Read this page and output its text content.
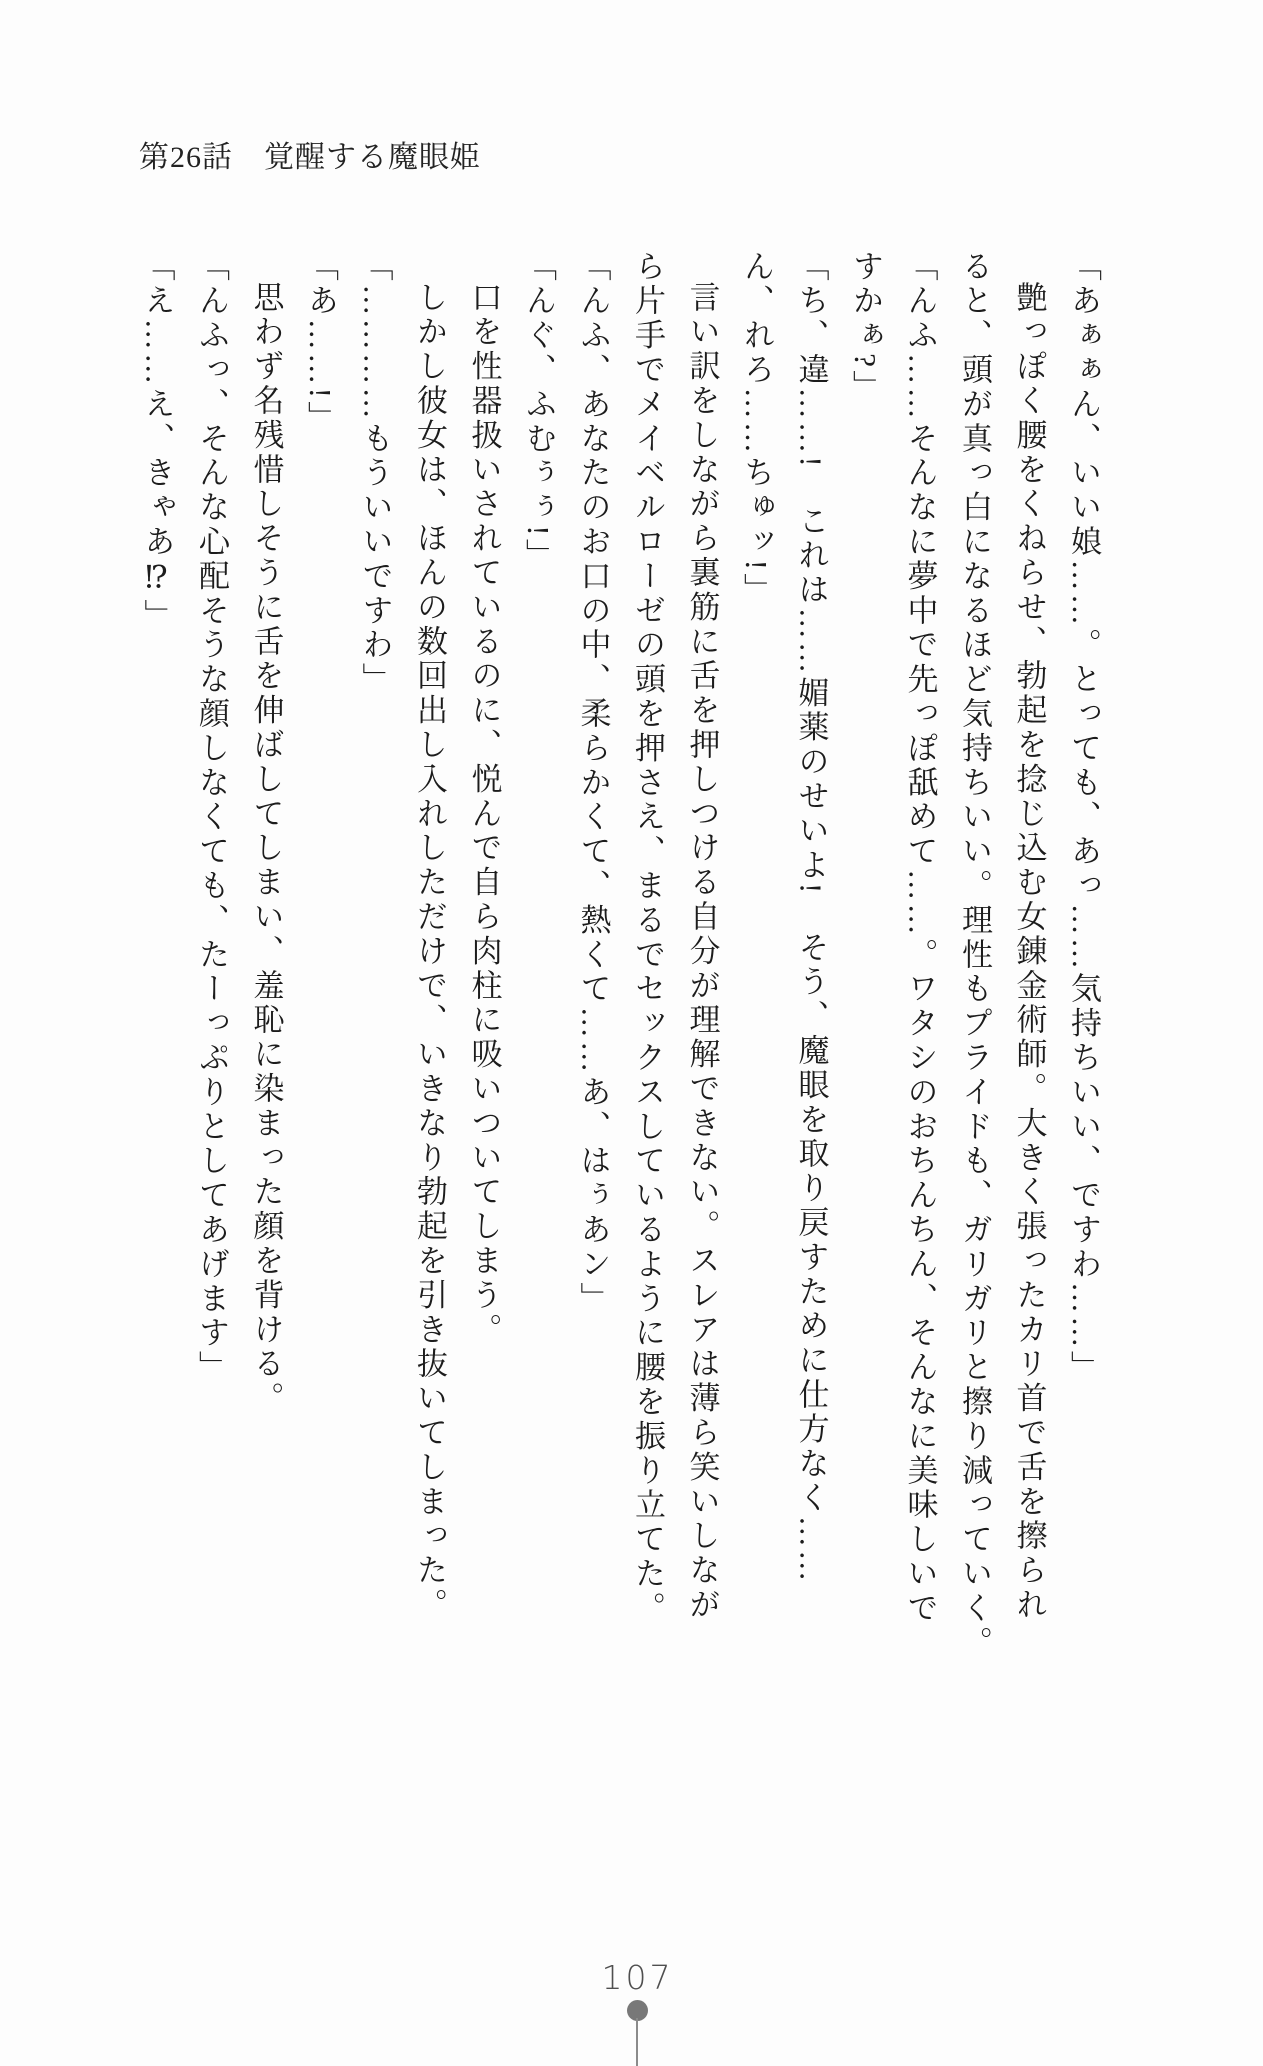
第26話　覚醒する魔眼姫

「あぁぁん、いい娘……。とっても、あっ……気持ちいい、ですわ……」

艶っぽく腰をくねらせ、勃起を捻じ込む女錬金術師。大きく張ったカリ首で舌を擦られ

ると、頭が真っ白になるほど気持ちいい。理性もプライドも、ガリガリと擦り減っていく。

「んふ……そんなに夢中で先っぽ舐めて……。ワタシのおちんちん、そんなに美味しいで

すかぁ?」

「ち、違……!　これは……媚薬のせいよ!　そう、魔眼を取り戻すために仕方なく……

ん、れろ……ちゅッ!」

言い訳をしながら裏筋に舌を押しつける自分が理解できない。スレアは薄ら笑いしなが

ら片手でメイベルローゼの頭を押さえ、まるでセックスしているように腰を振り立てた。

「んふ、あなたのお口の中、柔らかくて、熱くて……あ、はぅあン」

「んぐ、ふむぅぅ!」

口を性器扱いされているのに、悦んで自ら肉柱に吸いついてしまう。

しかし彼女は、ほんの数回出し入れしただけで、いきなり勃起を引き抜いてしまった。

「…………もういいですわ」

「あ……!」

思わず名残惜しそうに舌を伸ばしてしまい、羞恥に染まった顔を背ける。

「んふっ、そんな心配そうな顔しなくても、たーっぷりとしてあげます」

「え……え、きゃあ⁉」

107
